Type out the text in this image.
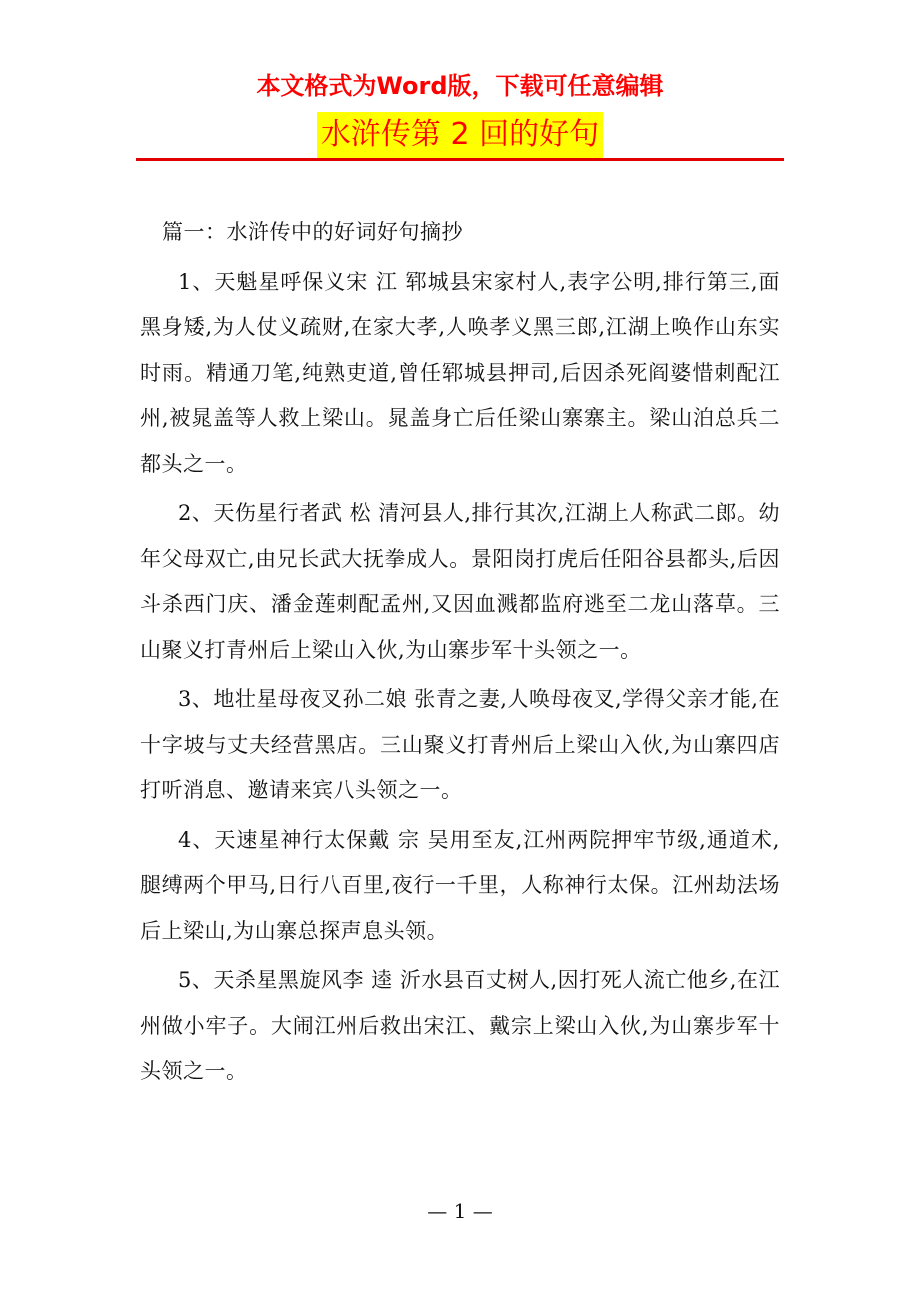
本文格式为Word版，下载可任意编辑
水浒传第 2 回的好句
篇一：水浒传中的好词好句摘抄
1、天魁星呼保义宋 江 郓城县宋家村人,表字公明,排行第三,面黑身矮,为人仗义疏财,在家大孝,人唤孝义黑三郎,江湖上唤作山东实时雨。精通刀笔,纯熟吏道,曾任郓城县押司,后因杀死阎婆惜刺配江州,被晁盖等人救上梁山。晁盖身亡后任梁山寨寨主。梁山泊总兵二都头之一。
2、天伤星行者武 松 清河县人,排行其次,江湖上人称武二郎。幼年父母双亡,由兄长武大抚拳成人。景阳岗打虎后任阳谷县都头,后因斗杀西门庆、潘金莲刺配孟州,又因血溅都监府逃至二龙山落草。三山聚义打青州后上梁山入伙,为山寨步军十头领之一。
3、地壮星母夜叉孙二娘 张青之妻,人唤母夜叉,学得父亲才能,在十字坡与丈夫经营黑店。三山聚义打青州后上梁山入伙,为山寨四店打听消息、邀请来宾八头领之一。
4、天速星神行太保戴 宗 吴用至友,江州两院押牢节级,通道术,腿缚两个甲马,日行八百里,夜行一千里，人称神行太保。江州劫法场后上梁山,为山寨总探声息头领。
5、天杀星黑旋风李 逵 沂水县百丈树人,因打死人流亡他乡,在江州做小牢子。大闹江州后救出宋江、戴宗上梁山入伙,为山寨步军十头领之一。
— 1 —
